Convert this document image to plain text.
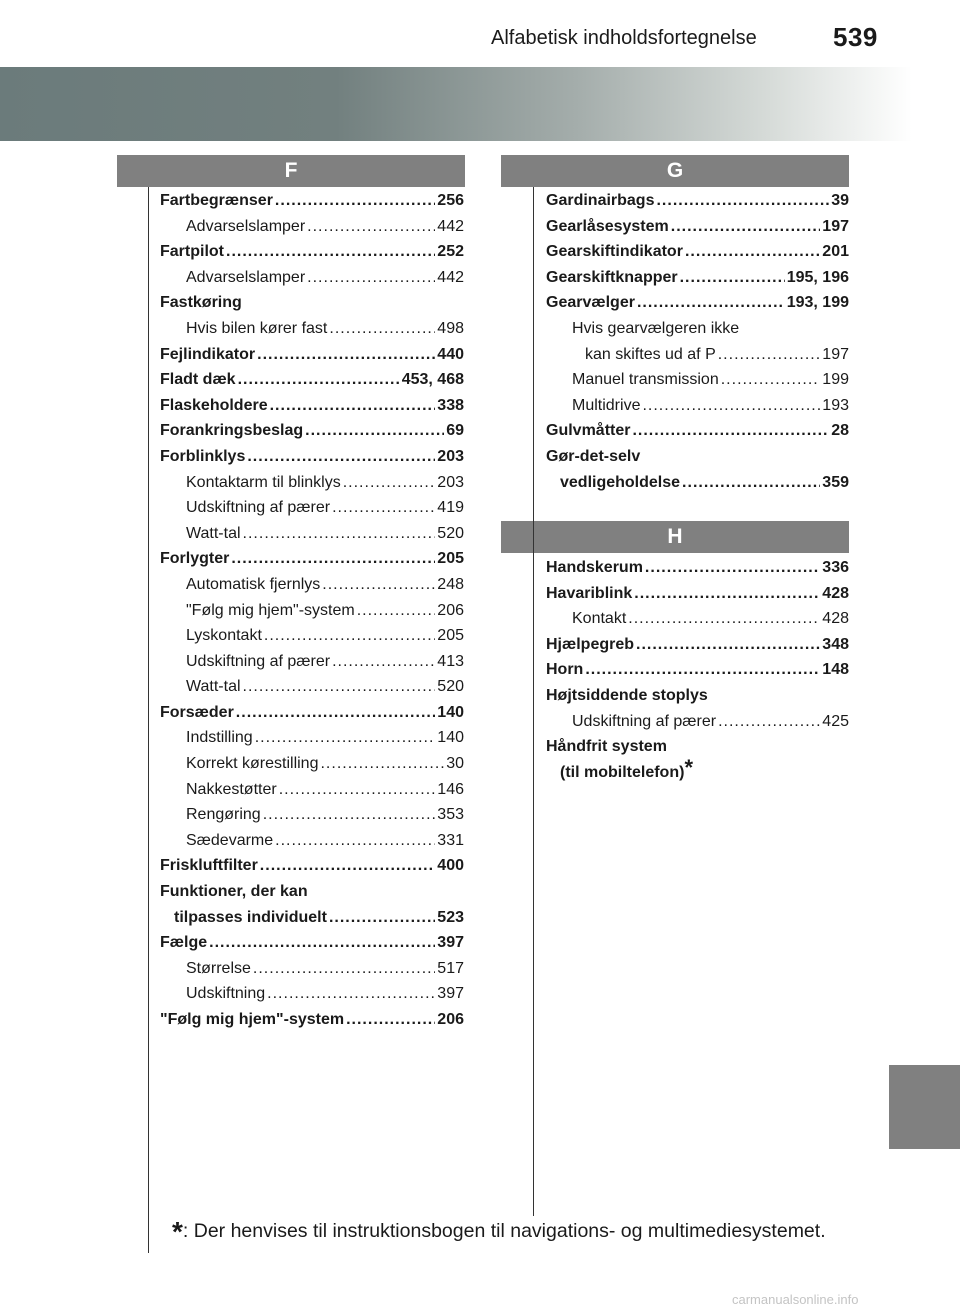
539
Alfabetisk indholdsfortegnelse
F	G
H
Fartbegrænser .....	256
Advarselslamper .....	442
Fartpilot .....	252
Advarselslamper .....	442
Fastkøring
Hvis bilen kører fast .....	498
Fejlindikator .....	440
Fladt dæk .....	453, 468
Flaskeholdere .....	338
Forankringsbeslag .....	69
Forblinklys .....	203
Kontaktarm til blinklys .....	203
Udskiftning af pærer .....	419
Watt-tal .....	520
Forlygter .....	205
Automatisk fjernlys .....	248
"Følg mig hjem"-system .....	206
Lyskontakt .....	205
Udskiftning af pærer .....	413
Watt-tal .....	520
Forsæder .....	140
Indstilling .....	140
Korrekt kørestilling .....	30
Nakkestøtter .....	146
Rengøring .....	353
Sædevarme .....	331
Friskluftfilter .....	400
Funktioner, der kan
tilpasses individuelt .....	523
Fælge .....	397
Størrelse .....	517
Udskiftning .....	397
"Følg mig hjem"-system .....	206
Gardinairbags .....	39
Gearlåsesystem .....	197
Gearskiftindikator .....	201
Gearskiftknapper .....	195, 196
Gearvælger .....	193, 199
Hvis gearvælgeren ikke
kan skiftes ud af P .....	197
Manuel transmission .....	199
Multidrive .....	193
Gulvmåtter .....	28
Gør-det-selv
vedligeholdelse .....	359
Handskerum .....	336
Havariblink .....	428
Kontakt .....	428
Hjælpegreb .....	348
Horn .....	148
Højtsiddende stoplys
Udskiftning af pærer .....	425
Håndfrit system
(til mobiltelefon)*
*: Der henvises til instruktionsbogen til navigations- og multimediesystemet.
carmanualsonline.info
